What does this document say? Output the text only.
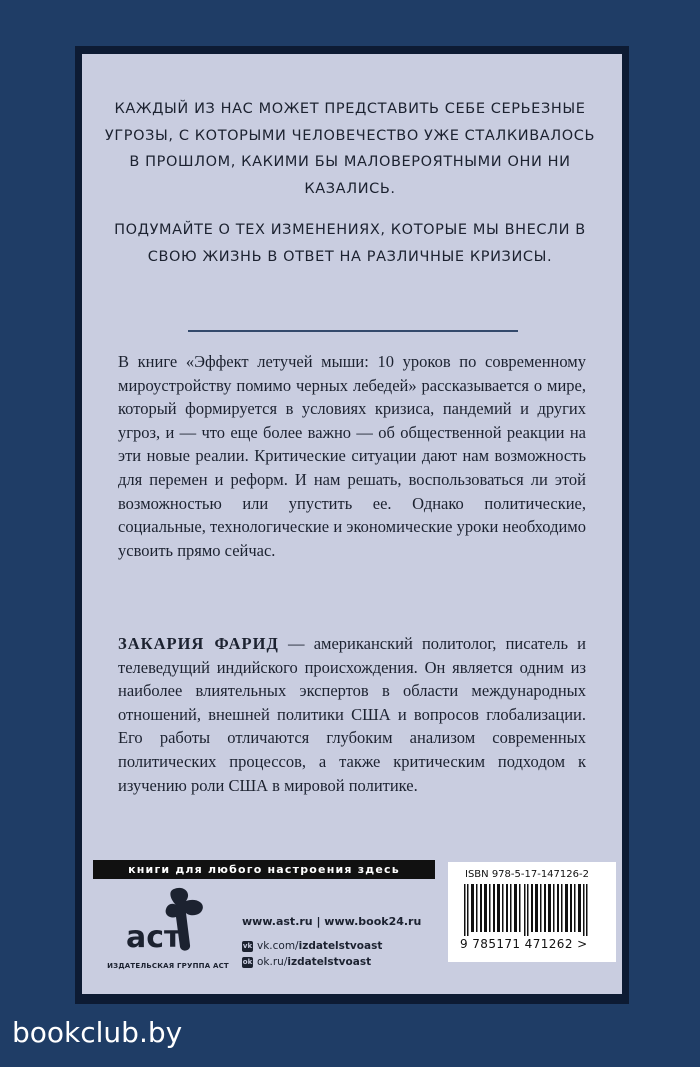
КАЖДЫЙ ИЗ НАС МОЖЕТ ПРЕДСТАВИТЬ СЕБЕ СЕРЬЕЗНЫЕ УГРОЗЫ, С КОТОРЫМИ ЧЕЛОВЕЧЕСТВО УЖЕ СТАЛКИВАЛОСЬ В ПРОШЛОМ, КАКИМИ БЫ МАЛОВЕРОЯТНЫМИ ОНИ НИ КАЗАЛИСЬ.

ПОДУМАЙТЕ О ТЕХ ИЗМЕНЕНИЯХ, КОТОРЫЕ МЫ ВНЕСЛИ В СВОЮ ЖИЗНЬ В ОТВЕТ НА РАЗЛИЧНЫЕ КРИЗИСЫ.

В книге «Эффект летучей мыши: 10 уроков по современному мироустройству помимо черных лебедей» рассказывается о мире, который формируется в условиях кризиса, пандемий и других угроз, и — что еще более важно — об общественной реакции на эти новые реалии. Критические ситуации дают нам возможность для перемен и реформ. И нам решать, воспользоваться ли этой возможностью или упустить ее. Однако политические, социальные, технологические и экономические уроки необходимо усвоить прямо сейчас.

ЗАКАРИЯ ФАРИД — американский политолог, писатель и телеведущий индийского происхождения. Он является одним из наиболее влиятельных экспертов в области международных отношений, внешней политики США и вопросов глобализации. Его работы отличаются глубоким анализом современных политических процессов, а также критическим подходом к изучению роли США в мировой политике.

книги для любого настроения здесь
аст
ИЗДАТЕЛЬСКАЯ ГРУППА АСТ
www.ast.ru | www.book24.ru
vk vk.com/ izdatelstvoast
ok ok.ru/ izdatelstvoast
ISBN 978-5-17-147126-2
9 785171 471262 >
bookclub.by
